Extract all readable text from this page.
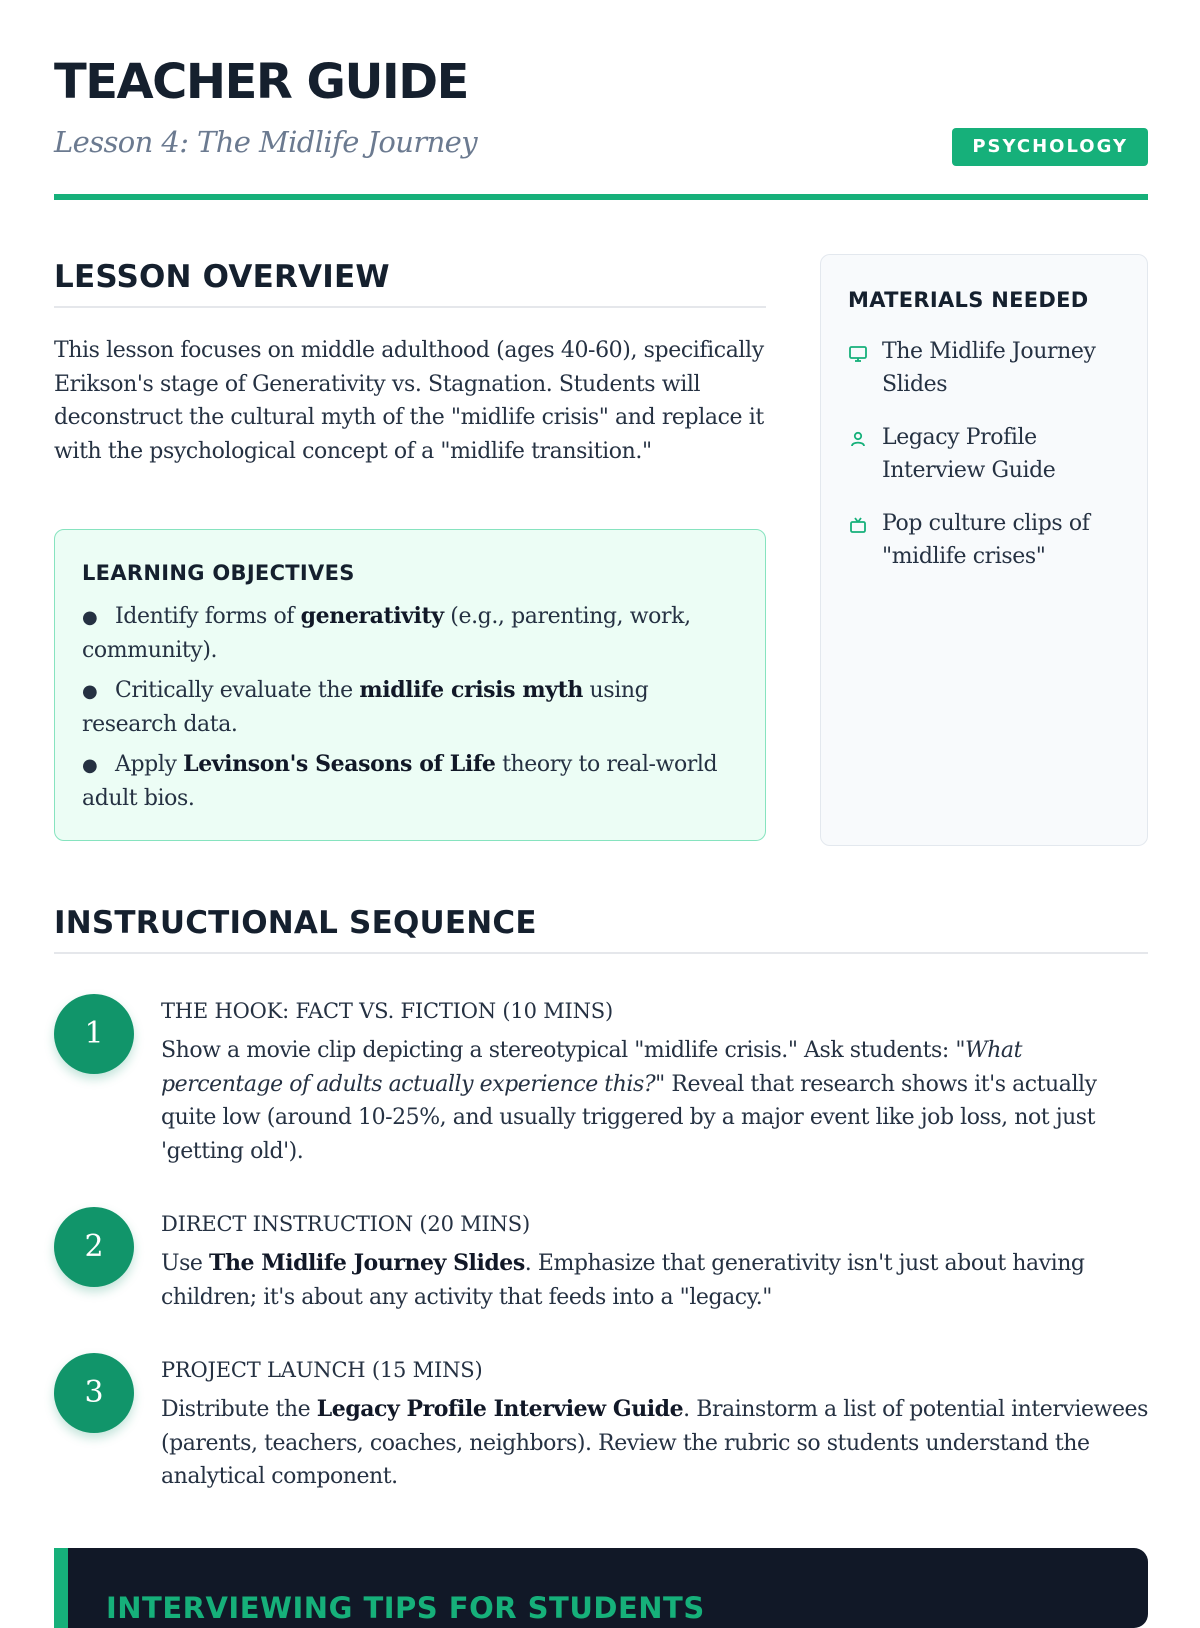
TEACHER GUIDE
Lesson 4: The Midlife Journey	PSYCHOLOGY
LESSON OVERVIEW

This lesson focuses on middle adulthood (ages 40-60), specifically Erikson's stage of Generativity vs. Stagnation. Students will deconstruct the cultural myth of the "midlife crisis" and replace it with the psychological concept of a "midlife transition."

LEARNING OBJECTIVES
● Identify forms of generativity (e.g., parenting, work, community).
● Critically evaluate the midlife crisis myth using research data.
● Apply Levinson's Seasons of Life theory to real-world adult bios.
MATERIALS NEEDED
The Midlife Journey Slides
Legacy Profile Interview Guide
Pop culture clips of "midlife crises"
INSTRUCTIONAL SEQUENCE
1
THE HOOK: FACT VS. FICTION (10 MINS)

Show a movie clip depicting a stereotypical "midlife crisis." Ask students: "What percentage of adults actually experience this?" Reveal that research shows it's actually quite low (around 10-25%, and usually triggered by a major event like job loss, not just 'getting old').

2
DIRECT INSTRUCTION (20 MINS)

Use The Midlife Journey Slides. Emphasize that generativity isn't just about having children; it's about any activity that feeds into a "legacy."

3
PROJECT LAUNCH (15 MINS)

Distribute the Legacy Profile Interview Guide. Brainstorm a list of potential interviewees (parents, teachers, coaches, neighbors). Review the rubric so students understand the analytical component.

INTERVIEWING TIPS FOR STUDENTS
